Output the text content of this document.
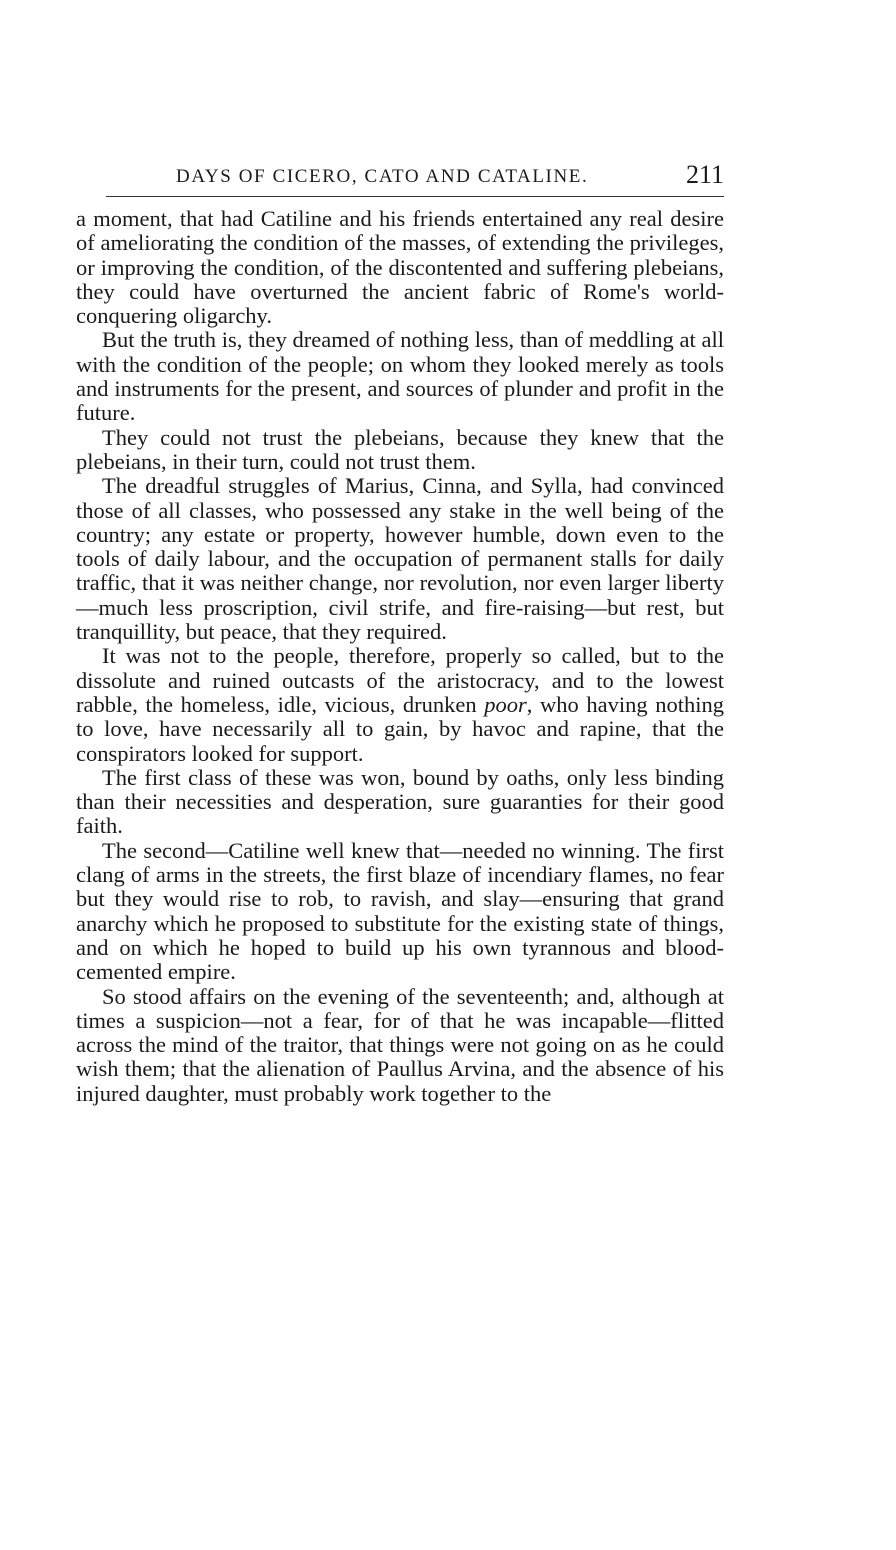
DAYS OF CICERO, CATO AND CATALINE.	211

a moment, that had Catiline and his friends entertained any real desire of ameliorating the condition of the masses, of extending the privileges, or improving the condition, of the discontented and suffering plebeians, they could have overturned the ancient fabric of Rome's world-conquering oligarchy.

But the truth is, they dreamed of nothing less, than of meddling at all with the condition of the people; on whom they looked merely as tools and instruments for the present, and sources of plunder and profit in the future.

They could not trust the plebeians, because they knew that the plebeians, in their turn, could not trust them.

The dreadful struggles of Marius, Cinna, and Sylla, had convinced those of all classes, who possessed any stake in the well being of the country; any estate or property, however humble, down even to the tools of daily labour, and the occupation of permanent stalls for daily traffic, that it was neither change, nor revolution, nor even larger liberty—much less proscription, civil strife, and fire-raising—but rest, but tranquillity, but peace, that they required.

It was not to the people, therefore, properly so called, but to the dissolute and ruined outcasts of the aristocracy, and to the lowest rabble, the homeless, idle, vicious, drunken poor, who having nothing to love, have necessarily all to gain, by havoc and rapine, that the conspirators looked for support.

The first class of these was won, bound by oaths, only less binding than their necessities and desperation, sure guaranties for their good faith.

The second—Catiline well knew that—needed no winning. The first clang of arms in the streets, the first blaze of incendiary flames, no fear but they would rise to rob, to ravish, and slay—ensuring that grand anarchy which he proposed to substitute for the existing state of things, and on which he hoped to build up his own tyrannous and blood-cemented empire.

So stood affairs on the evening of the seventeenth; and, although at times a suspicion—not a fear, for of that he was incapable—flitted across the mind of the traitor, that things were not going on as he could wish them; that the alienation of Paullus Arvina, and the absence of his injured daughter, must probably work together to the
